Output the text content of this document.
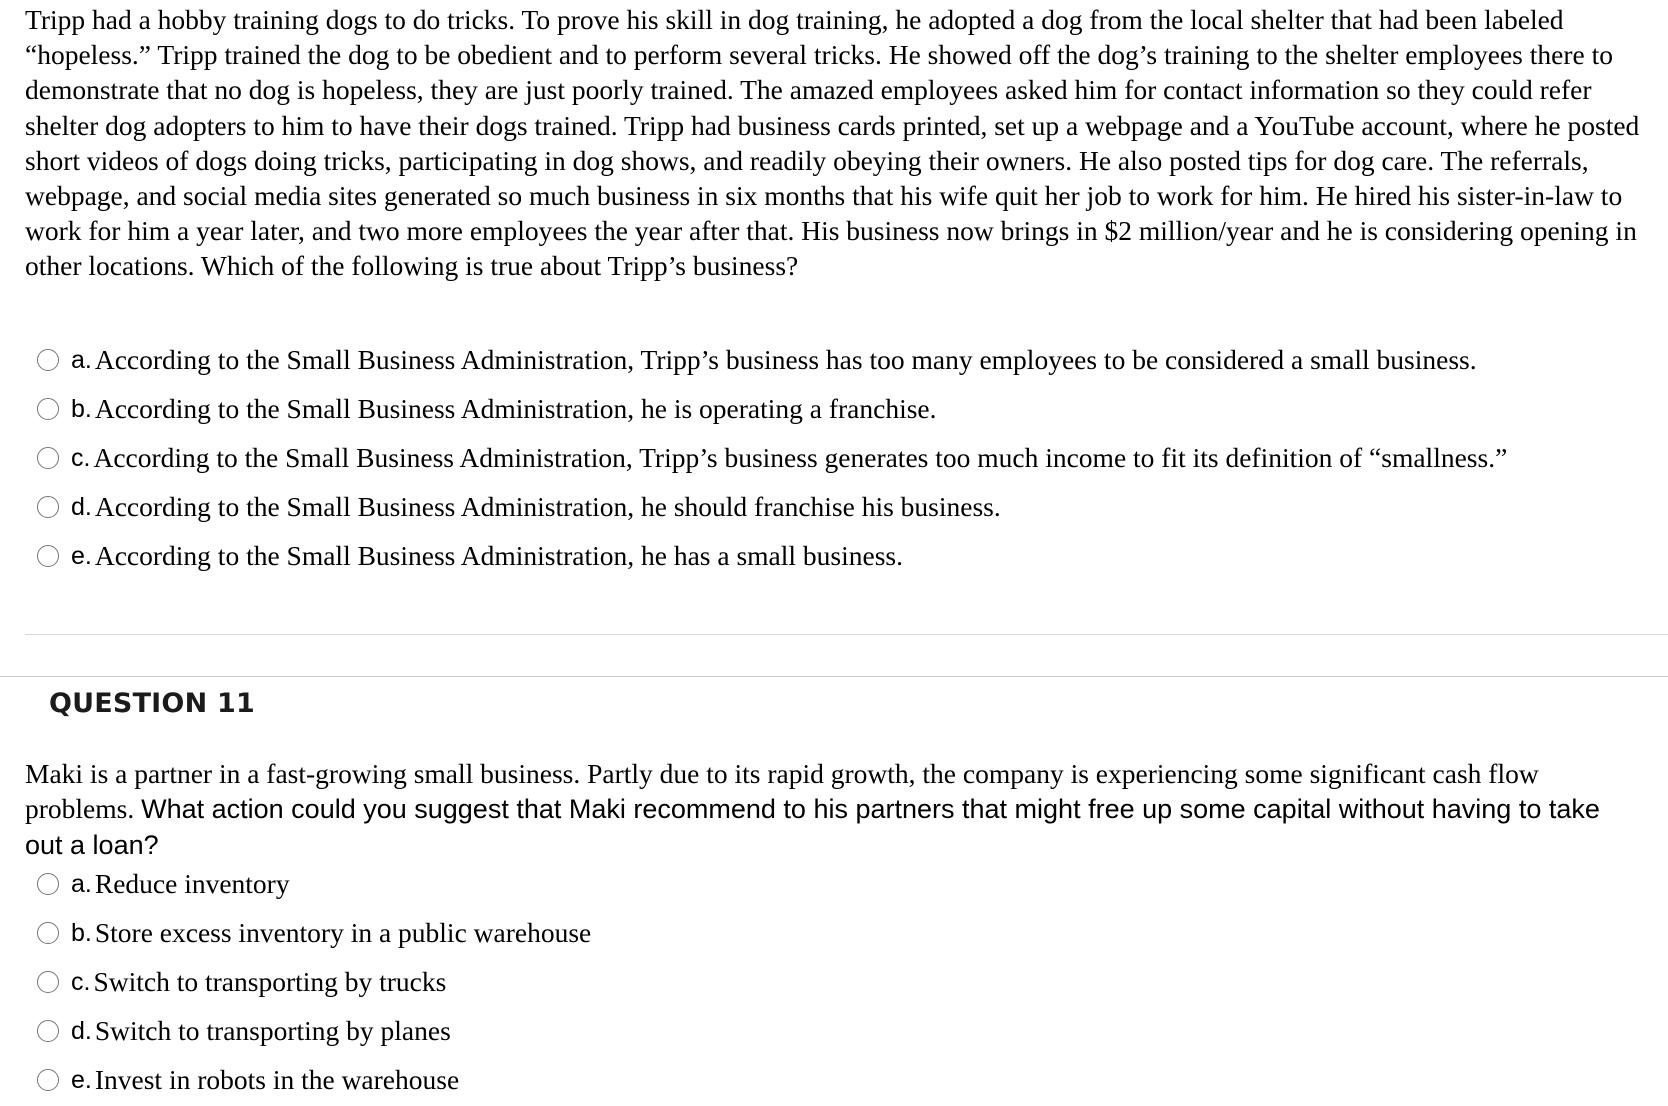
Tripp had a hobby training dogs to do tricks. To prove his skill in dog training, he adopted a dog from the local shelter that had been labeled “hopeless.” Tripp trained the dog to be obedient and to perform several tricks. He showed off the dog’s training to the shelter employees there to demonstrate that no dog is hopeless, they are just poorly trained. The amazed employees asked him for contact information so they could refer shelter dog adopters to him to have their dogs trained. Tripp had business cards printed, set up a webpage and a YouTube account, where he posted short videos of dogs doing tricks, participating in dog shows, and readily obeying their owners. He also posted tips for dog care. The referrals, webpage, and social media sites generated so much business in six months that his wife quit her job to work for him. He hired his sister-in-law to work for him a year later, and two more employees the year after that. His business now brings in $2 million/year and he is considering opening in other locations. Which of the following is true about Tripp’s business?

a. According to the Small Business Administration, Tripp’s business has too many employees to be considered a small business.
b. According to the Small Business Administration, he is operating a franchise.
c. According to the Small Business Administration, Tripp’s business generates too much income to fit its definition of “smallness.”
d. According to the Small Business Administration, he should franchise his business.
e. According to the Small Business Administration, he has a small business.
QUESTION 11

Maki is a partner in a fast-growing small business. Partly due to its rapid growth, the company is experiencing some significant cash flow problems. What action could you suggest that Maki recommend to his partners that might free up some capital without having to take out a loan?

a. Reduce inventory
b. Store excess inventory in a public warehouse
c. Switch to transporting by trucks
d. Switch to transporting by planes
e. Invest in robots in the warehouse
